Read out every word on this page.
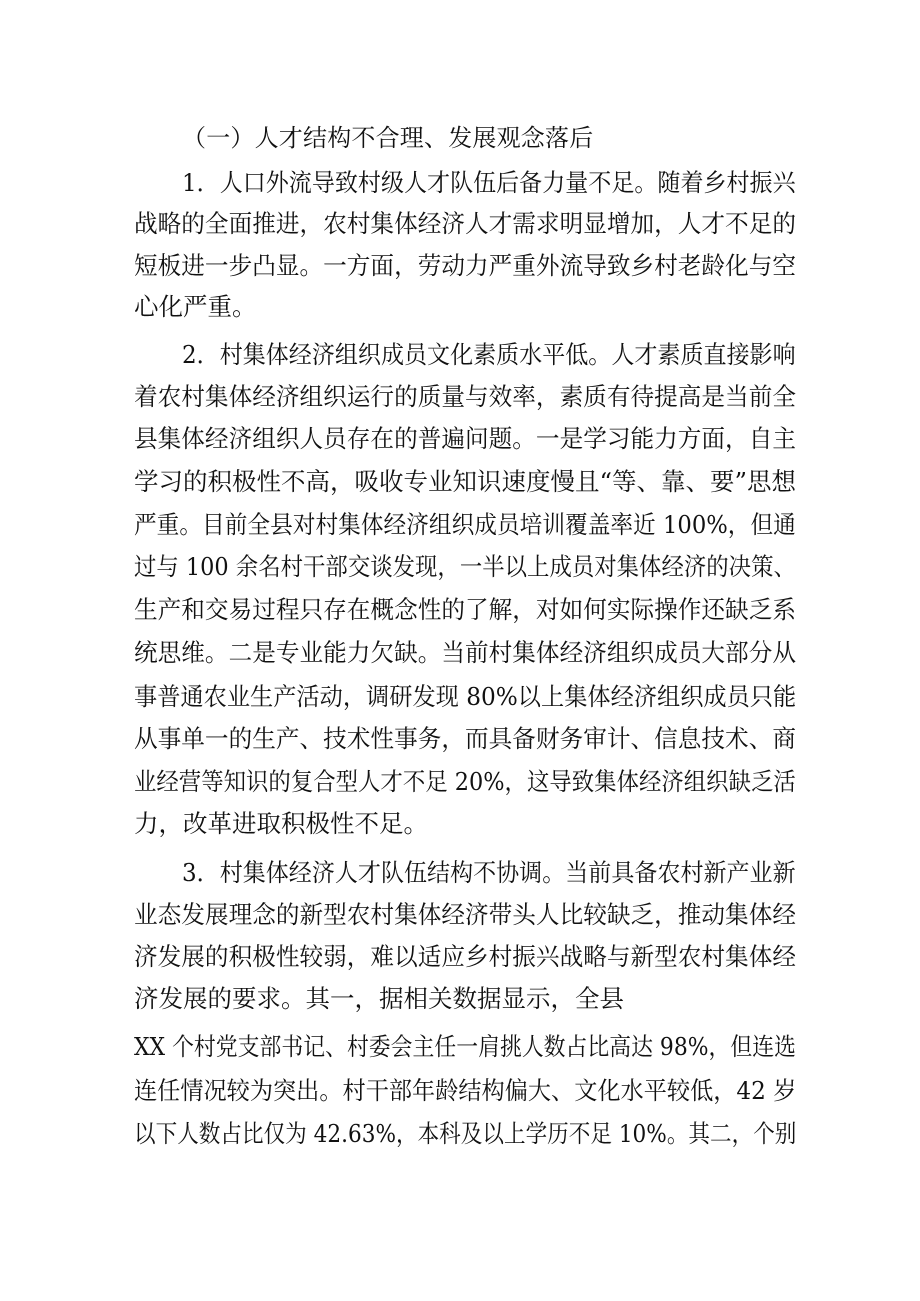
（一）人才结构不合理、发展观念落后
1．人口外流导致村级人才队伍后备力量不足。随着乡村振兴
战略的全面推进，农村集体经济人才需求明显增加，人才不足的
短板进一步凸显。一方面，劳动力严重外流导致乡村老龄化与空
心化严重。
2．村集体经济组织成员文化素质水平低。人才素质直接影响
着农村集体经济组织运行的质量与效率，素质有待提高是当前全
县集体经济组织人员存在的普遍问题。一是学习能力方面，自主
学习的积极性不高，吸收专业知识速度慢且“等、靠、要”思想
严重。目前全县对村集体经济组织成员培训覆盖率近 100%，但通
过与 100 余名村干部交谈发现，一半以上成员对集体经济的决策、
生产和交易过程只存在概念性的了解，对如何实际操作还缺乏系
统思维。二是专业能力欠缺。当前村集体经济组织成员大部分从
事普通农业生产活动，调研发现 80%以上集体经济组织成员只能
从事单一的生产、技术性事务，而具备财务审计、信息技术、商
业经营等知识的复合型人才不足 20%，这导致集体经济组织缺乏活
力，改革进取积极性不足。
3．村集体经济人才队伍结构不协调。当前具备农村新产业新
业态发展理念的新型农村集体经济带头人比较缺乏，推动集体经
济发展的积极性较弱，难以适应乡村振兴战略与新型农村集体经
济发展的要求。其一，据相关数据显示，全县
XX 个村党支部书记、村委会主任一肩挑人数占比高达 98%，但连选
连任情况较为突出。村干部年龄结构偏大、文化水平较低，42 岁
以下人数占比仅为 42.63%，本科及以上学历不足 10%。其二，个别
